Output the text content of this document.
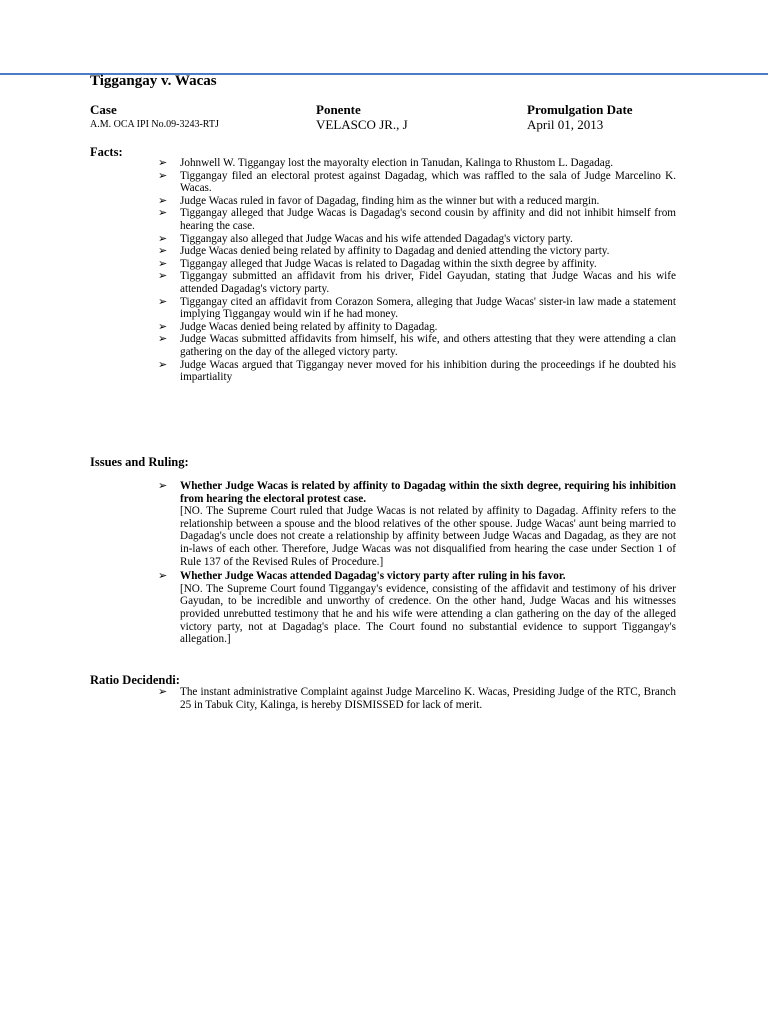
Tiggangay v. Wacas
Case
A.M. OCA IPI No.09-3243-RTJ
Ponente
VELASCO JR., J
Promulgation Date
April 01, 2013
Facts:
➢ Johnwell W. Tiggangay lost the mayoralty election in Tanudan, Kalinga to Rhustom L. Dagadag.
➢ Tiggangay filed an electoral protest against Dagadag, which was raffled to the sala of Judge Marcelino K. Wacas.
➢ Judge Wacas ruled in favor of Dagadag, finding him as the winner but with a reduced margin.
➢ Tiggangay alleged that Judge Wacas is Dagadag's second cousin by affinity and did not inhibit himself from hearing the case.
➢ Tiggangay also alleged that Judge Wacas and his wife attended Dagadag's victory party.
➢ Judge Wacas denied being related by affinity to Dagadag and denied attending the victory party.
➢ Tiggangay alleged that Judge Wacas is related to Dagadag within the sixth degree by affinity.
➢ Tiggangay submitted an affidavit from his driver, Fidel Gayudan, stating that Judge Wacas and his wife attended Dagadag's victory party.
➢ Tiggangay cited an affidavit from Corazon Somera, alleging that Judge Wacas' sister-in law made a statement implying Tiggangay would win if he had money.
➢ Judge Wacas denied being related by affinity to Dagadag.
➢ Judge Wacas submitted affidavits from himself, his wife, and others attesting that they were attending a clan gathering on the day of the alleged victory party.
➢ Judge Wacas argued that Tiggangay never moved for his inhibition during the proceedings if he doubted his impartiality
Issues and Ruling:
➢ Whether Judge Wacas is related by affinity to Dagadag within the sixth degree, requiring his inhibition from hearing the electoral protest case.
[NO. The Supreme Court ruled that Judge Wacas is not related by affinity to Dagadag. Affinity refers to the relationship between a spouse and the blood relatives of the other spouse. Judge Wacas' aunt being married to Dagadag's uncle does not create a relationship by affinity between Judge Wacas and Dagadag, as they are not in-laws of each other. Therefore, Judge Wacas was not disqualified from hearing the case under Section 1 of Rule 137 of the Revised Rules of Procedure.]
➢ Whether Judge Wacas attended Dagadag's victory party after ruling in his favor.
[NO. The Supreme Court found Tiggangay's evidence, consisting of the affidavit and testimony of his driver Gayudan, to be incredible and unworthy of credence. On the other hand, Judge Wacas and his witnesses provided unrebutted testimony that he and his wife were attending a clan gathering on the day of the alleged victory party, not at Dagadag's place. The Court found no substantial evidence to support Tiggangay's allegation.]
Ratio Decidendi:
➢ The instant administrative Complaint against Judge Marcelino K. Wacas, Presiding Judge of the RTC, Branch 25 in Tabuk City, Kalinga, is hereby DISMISSED for lack of merit.
